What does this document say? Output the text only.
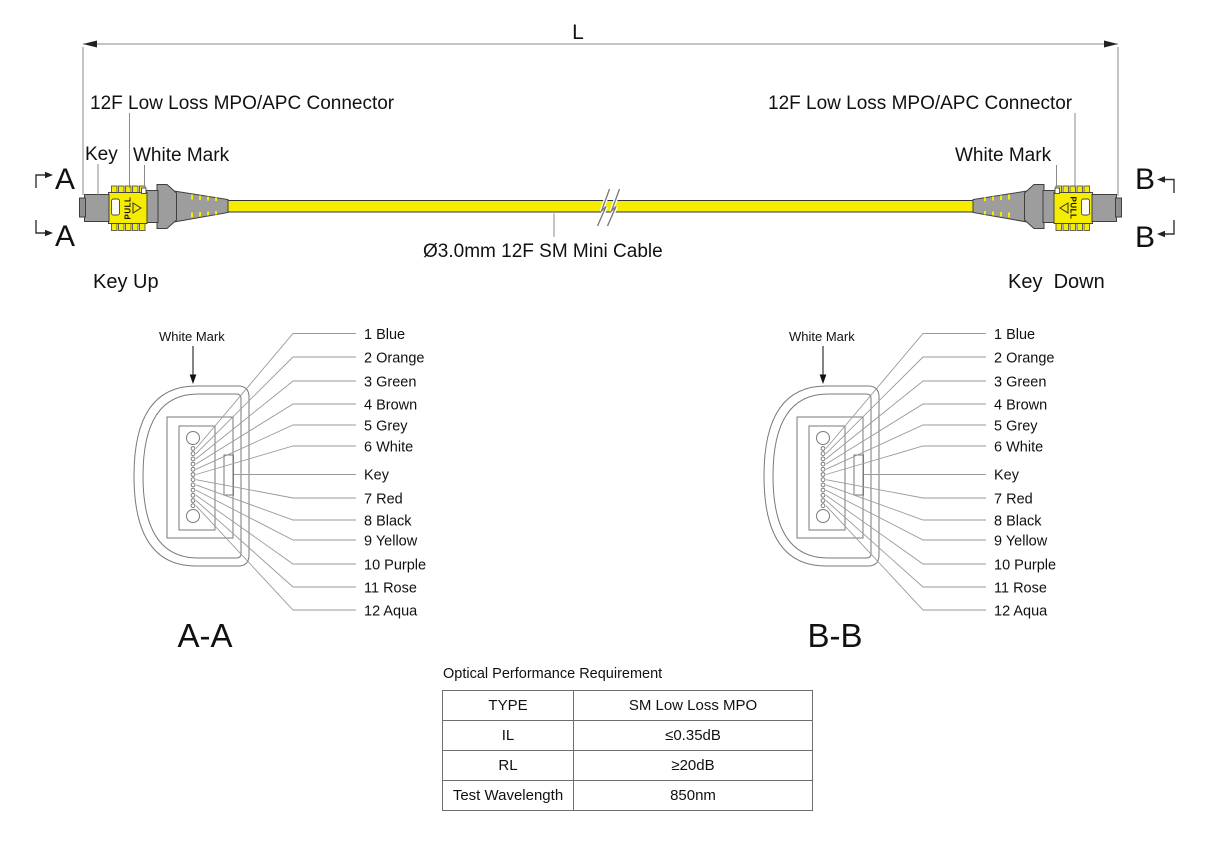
L
Ø3.0mm 12F SM Mini Cable
PULL
12F Low Loss MPO/APC Connector
Key White Mark
Key Up
A
A
PULL
12F Low Loss MPO/APC Connector
White Mark
Key  Down
B
B
1 Blue
2 Orange
3 Green
4 Brown
5 Grey
6 White
Key
7 Red
8 Black
9 Yellow
10 Purple
11 Rose
12 Aqua
White Mark
A-A
1 Blue
2 Orange
3 Green
4 Brown
5 Grey
6 White
Key
7 Red
8 Black
9 Yellow
10 Purple
11 Rose
12 Aqua
White Mark
B-B
Optical Performance Requirement
TYPE	SM Low Loss MPO
IL	≤0.35dB
RL	≥20dB
Test Wavelength	850nm
